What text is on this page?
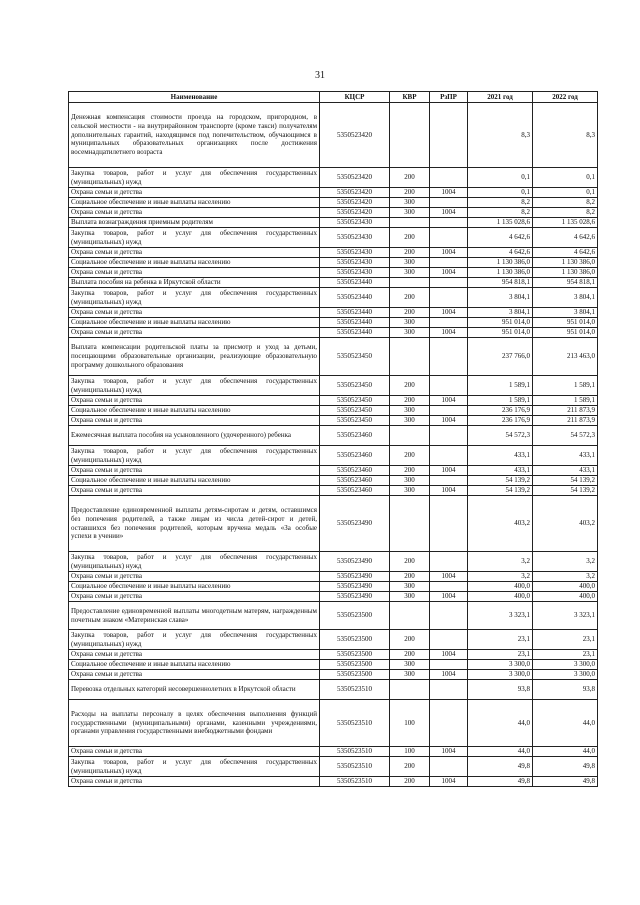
31
Наименование	КЦСР	КВР	РзПР	2021 год	2022 год
Денежная компенсация стоимости проезда на городском, пригородном, в сельской местности - на внутрирайонном транспорте (кроме такси) получателям дополнительных гарантий, находящимся под попечительством, обучающимся в муниципальных образовательных организациях после достижения восемнадцатилетнего возраста	5350523420			8,3	8,3
Закупка товаров, работ и услуг для обеспечения государственных (муниципальных) нужд	5350523420	200		0,1	0,1
Охрана семьи и детства	5350523420	200	1004	0,1	0,1
Социальное обеспечение и иные выплаты населению	5350523420	300		8,2	8,2
Охрана семьи и детства	5350523420	300	1004	8,2	8,2
Выплата вознаграждения приемным родителям	5350523430			1 135 028,6	1 135 028,6
Закупка товаров, работ и услуг для обеспечения государственных (муниципальных) нужд	5350523430	200		4 642,6	4 642,6
Охрана семьи и детства	5350523430	200	1004	4 642,6	4 642,6
Социальное обеспечение и иные выплаты населению	5350523430	300		1 130 386,0	1 130 386,0
Охрана семьи и детства	5350523430	300	1004	1 130 386,0	1 130 386,0
Выплата пособия на ребенка в Иркутской области	5350523440			954 818,1	954 818,1
Закупка товаров, работ и услуг для обеспечения государственных (муниципальных) нужд	5350523440	200		3 804,1	3 804,1
Охрана семьи и детства	5350523440	200	1004	3 804,1	3 804,1
Социальное обеспечение и иные выплаты населению	5350523440	300		951 014,0	951 014,0
Охрана семьи и детства	5350523440	300	1004	951 014,0	951 014,0
Выплата компенсации родительской платы за присмотр и уход за детьми, посещающими образовательные организации, реализующие образовательную программу дошкольного образования	5350523450			237 766,0	213 463,0
Закупка товаров, работ и услуг для обеспечения государственных (муниципальных) нужд	5350523450	200		1 589,1	1 589,1
Охрана семьи и детства	5350523450	200	1004	1 589,1	1 589,1
Социальное обеспечение и иные выплаты населению	5350523450	300		236 176,9	211 873,9
Охрана семьи и детства	5350523450	300	1004	236 176,9	211 873,9
Ежемесячная выплата пособия на усыновленного (удочеренного) ребенка	5350523460			54 572,3	54 572,3
Закупка товаров, работ и услуг для обеспечения государственных (муниципальных) нужд	5350523460	200		433,1	433,1
Охрана семьи и детства	5350523460	200	1004	433,1	433,1
Социальное обеспечение и иные выплаты населению	5350523460	300		54 139,2	54 139,2
Охрана семьи и детства	5350523460	300	1004	54 139,2	54 139,2
Предоставление единовременной выплаты детям-сиротам и детям, оставшимся без попечения родителей, а также лицам из числа детей-сирот и детей, оставшихся без попечения родителей, которым вручена медаль «За особые успехи в учении»	5350523490			403,2	403,2
Закупка товаров, работ и услуг для обеспечения государственных (муниципальных) нужд	5350523490	200		3,2	3,2
Охрана семьи и детства	5350523490	200	1004	3,2	3,2
Социальное обеспечение и иные выплаты населению	5350523490	300		400,0	400,0
Охрана семьи и детства	5350523490	300	1004	400,0	400,0
Предоставление единовременной выплаты многодетным матерям, награжденным почетным знаком «Материнская слава»	5350523500			3 323,1	3 323,1
Закупка товаров, работ и услуг для обеспечения государственных (муниципальных) нужд	5350523500	200		23,1	23,1
Охрана семьи и детства	5350523500	200	1004	23,1	23,1
Социальное обеспечение и иные выплаты населению	5350523500	300		3 300,0	3 300,0
Охрана семьи и детства	5350523500	300	1004	3 300,0	3 300,0
Перевозка отдельных категорий несовершеннолетних в Иркутской области	5350523510			93,8	93,8
Расходы на выплаты персоналу в целях обеспечения выполнения функций государственными (муниципальными) органами, казенными учреждениями, органами управления государственными внебюджетными фондами	5350523510	100		44,0	44,0
Охрана семьи и детства	5350523510	100	1004	44,0	44,0
Закупка товаров, работ и услуг для обеспечения государственных (муниципальных) нужд	5350523510	200		49,8	49,8
Охрана семьи и детства	5350523510	200	1004	49,8	49,8
